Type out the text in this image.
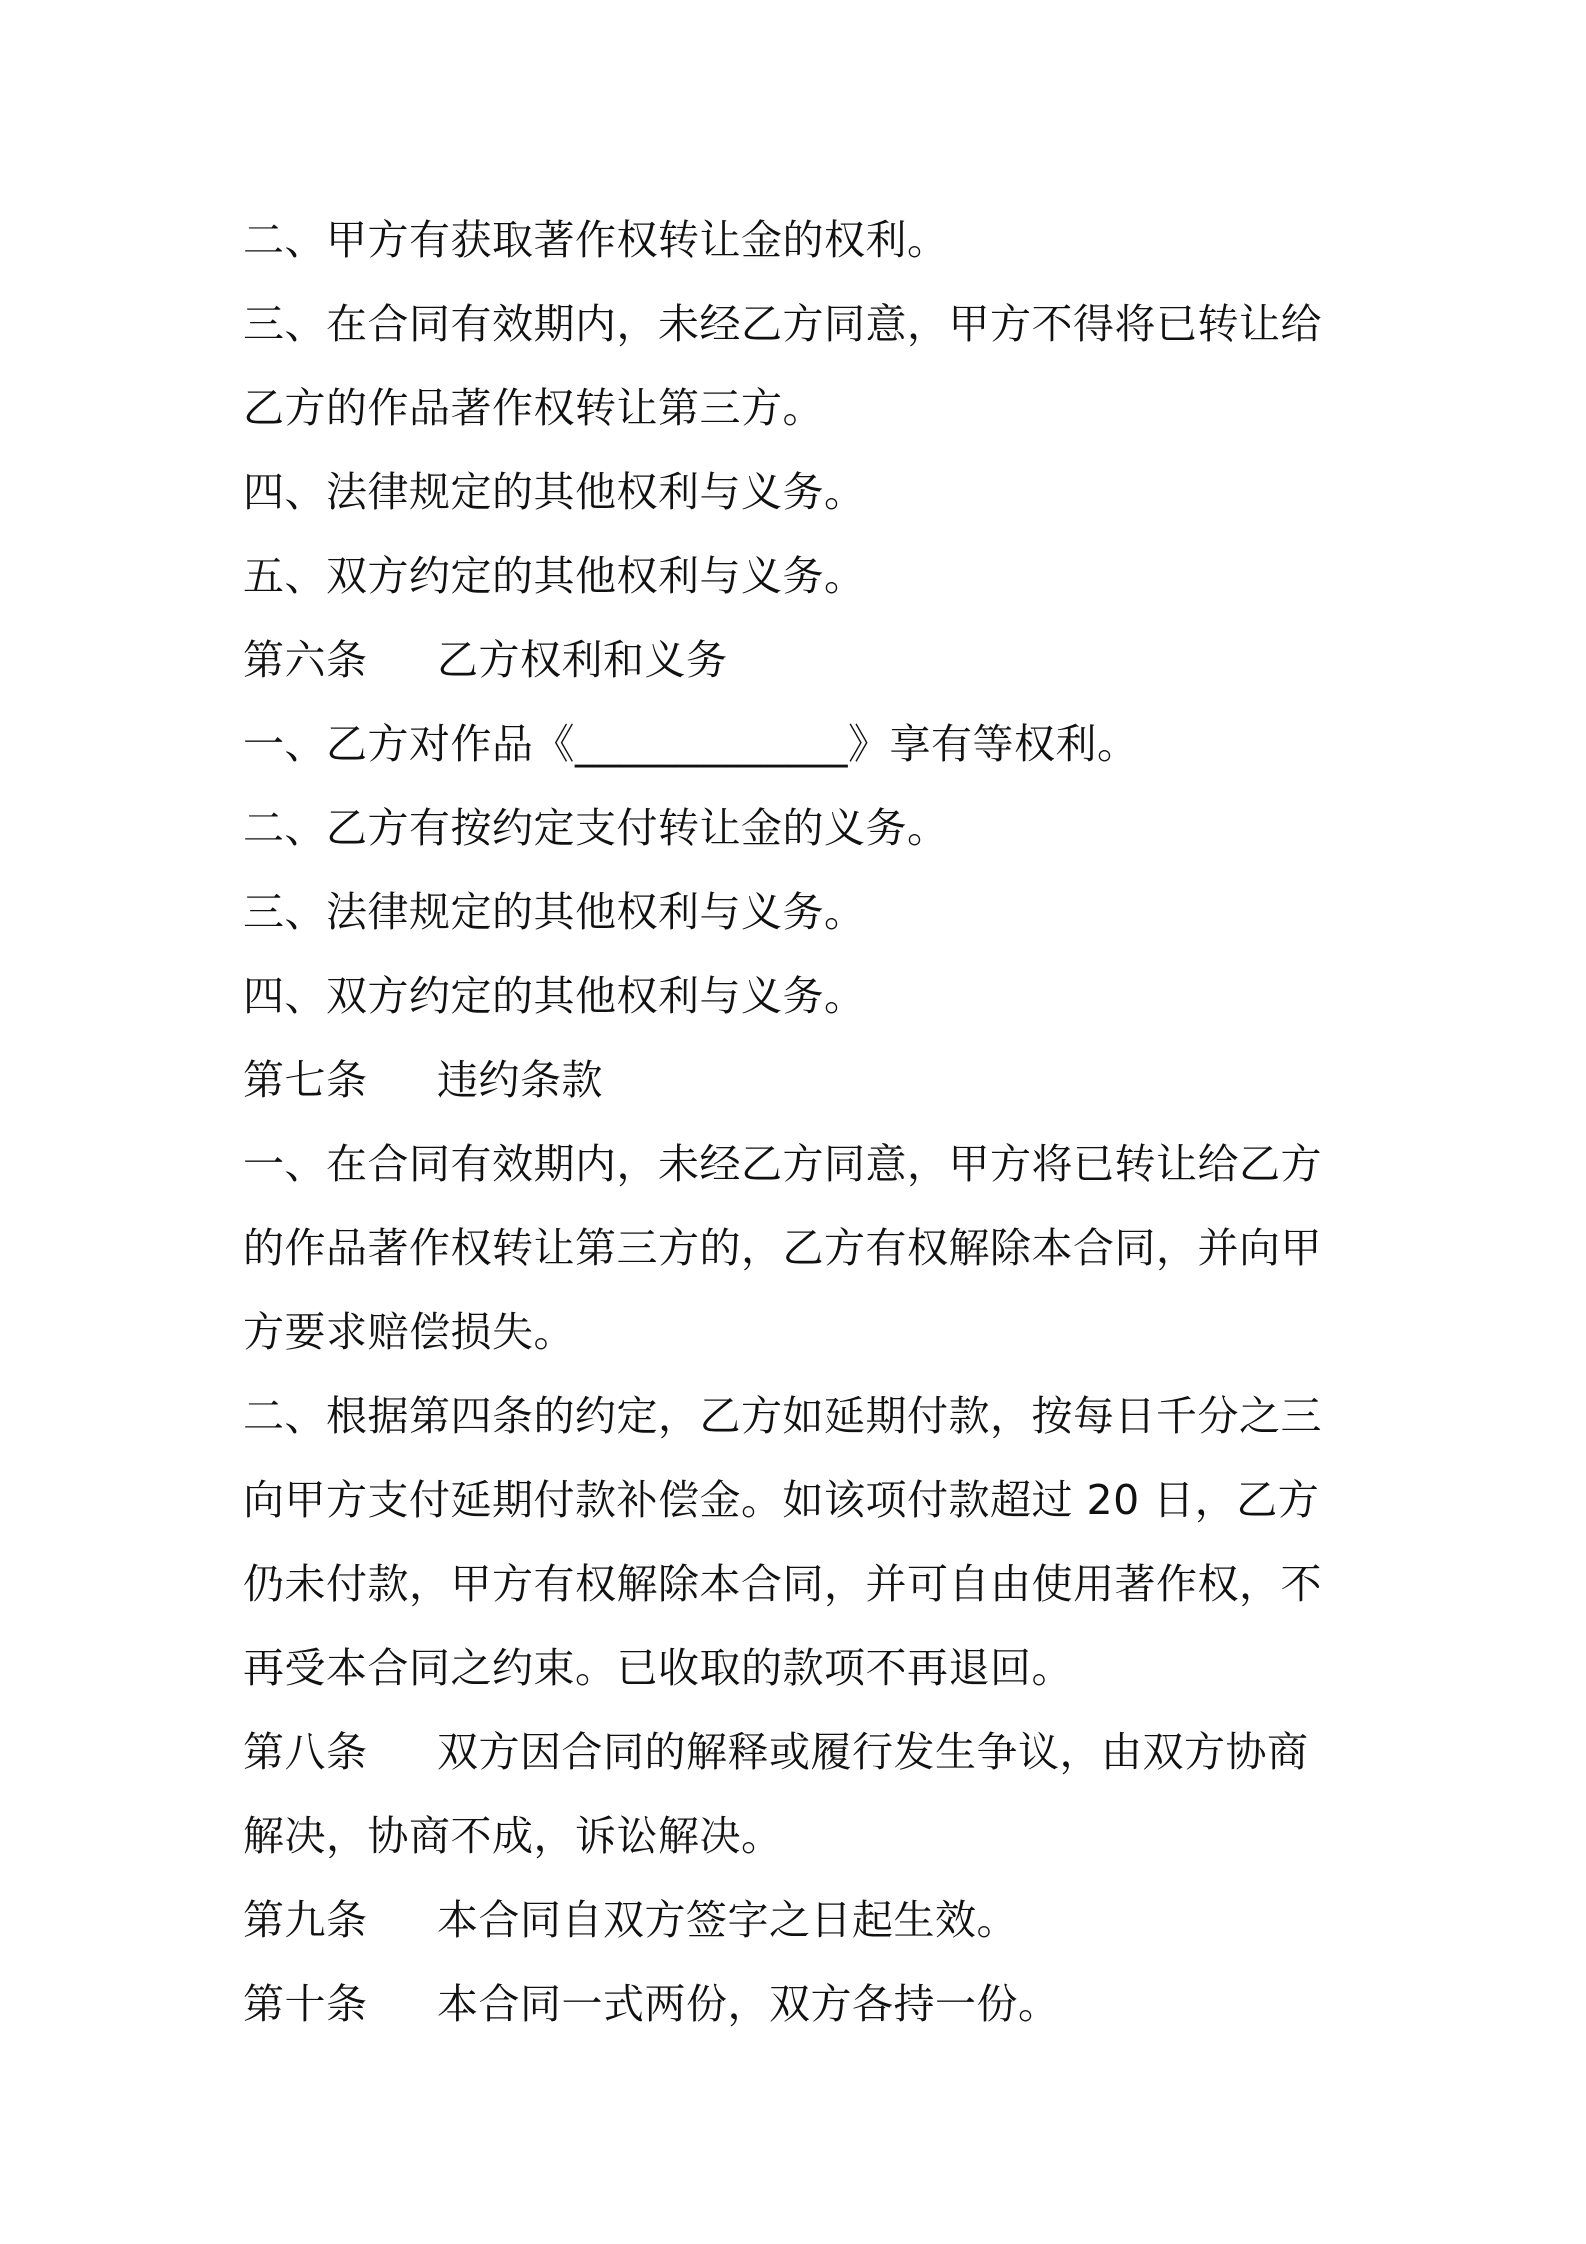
二、甲方有获取著作权转让金的权利。
三、在合同有效期内，未经乙方同意，甲方不得将已转让给
乙方的作品著作权转让第三方。
四、法律规定的其他权利与义务。
五、双方约定的其他权利与义务。
第六条 乙方权利和义务
一、乙方对作品《_____________》享有等权利。
二、乙方有按约定支付转让金的义务。
三、法律规定的其他权利与义务。
四、双方约定的其他权利与义务。
第七条 违约条款
一、在合同有效期内，未经乙方同意，甲方将已转让给乙方
的作品著作权转让第三方的，乙方有权解除本合同，并向甲
方要求赔偿损失。
二、根据第四条的约定，乙方如延期付款，按每日千分之三
向甲方支付延期付款补偿金。如该项付款超过 20 日，乙方
仍未付款，甲方有权解除本合同，并可自由使用著作权，不
再受本合同之约束。已收取的款项不再退回。
第八条 双方因合同的解释或履行发生争议，由双方协商
解决，协商不成，诉讼解决。
第九条 本合同自双方签字之日起生效。
第十条 本合同一式两份，双方各持一份。
